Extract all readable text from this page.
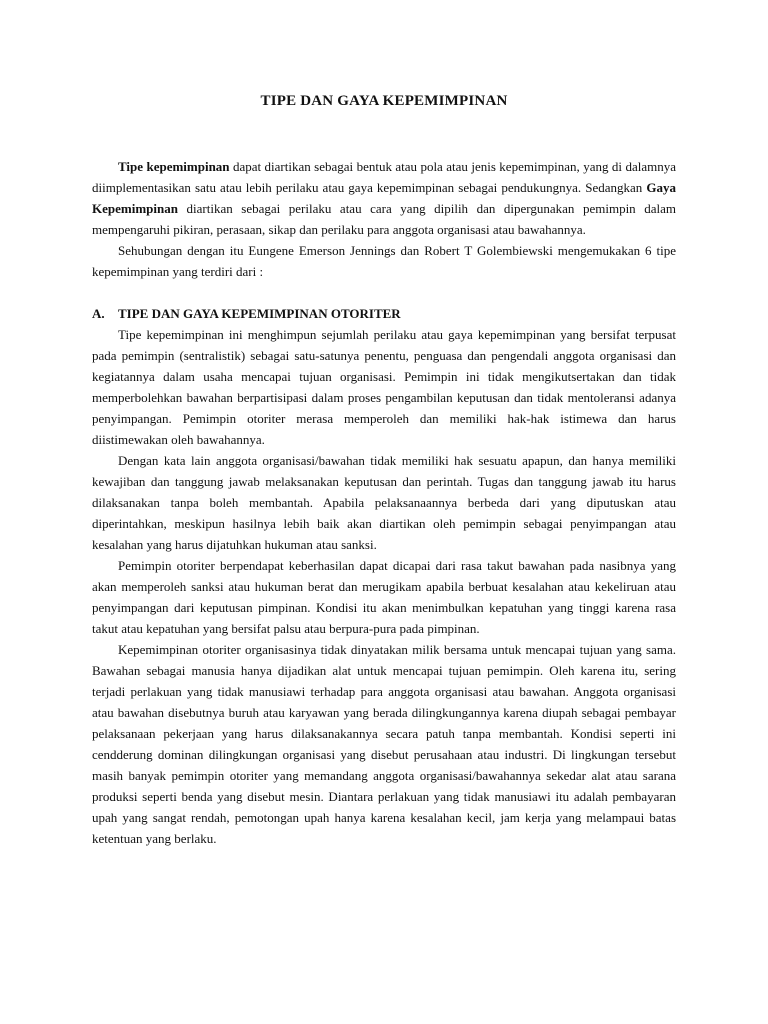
TIPE DAN GAYA KEPEMIMPINAN

Tipe kepemimpinan dapat diartikan sebagai bentuk atau pola atau jenis kepemimpinan, yang di dalamnya diimplementasikan satu atau lebih perilaku atau gaya kepemimpinan sebagai pendukungnya. Sedangkan Gaya Kepemimpinan diartikan sebagai perilaku atau cara yang dipilih dan dipergunakan pemimpin dalam mempengaruhi pikiran, perasaan, sikap dan perilaku para anggota organisasi atau bawahannya.

Sehubungan dengan itu Eungene Emerson Jennings dan Robert T Golembiewski mengemukakan 6 tipe kepemimpinan yang terdiri dari :

A. TIPE DAN GAYA KEPEMIMPINAN OTORITER

Tipe kepemimpinan ini menghimpun sejumlah perilaku atau gaya kepemimpinan yang bersifat terpusat pada pemimpin (sentralistik) sebagai satu-satunya penentu, penguasa dan pengendali anggota organisasi dan kegiatannya dalam usaha mencapai tujuan organisasi. Pemimpin ini tidak mengikutsertakan dan tidak memperbolehkan bawahan berpartisipasi dalam proses pengambilan keputusan dan tidak mentoleransi adanya penyimpangan. Pemimpin otoriter merasa memperoleh dan memiliki hak-hak istimewa dan harus diistimewakan oleh bawahannya.

Dengan kata lain anggota organisasi/bawahan tidak memiliki hak sesuatu apapun, dan hanya memiliki kewajiban dan tanggung jawab melaksanakan keputusan dan perintah. Tugas dan tanggung jawab itu harus dilaksanakan tanpa boleh membantah. Apabila pelaksanaannya berbeda dari yang diputuskan atau diperintahkan, meskipun hasilnya lebih baik akan diartikan oleh pemimpin sebagai penyimpangan atau kesalahan yang harus dijatuhkan hukuman atau sanksi.

Pemimpin otoriter berpendapat keberhasilan dapat dicapai dari rasa takut bawahan pada nasibnya yang akan memperoleh sanksi atau hukuman berat dan merugikam apabila berbuat kesalahan atau kekeliruan atau penyimpangan dari keputusan pimpinan. Kondisi itu akan menimbulkan kepatuhan yang tinggi karena rasa takut atau kepatuhan yang bersifat palsu atau berpura-pura pada pimpinan.

Kepemimpinan otoriter organisasinya tidak dinyatakan milik bersama untuk mencapai tujuan yang sama. Bawahan sebagai manusia hanya dijadikan alat untuk mencapai tujuan pemimpin. Oleh karena itu, sering terjadi perlakuan yang tidak manusiawi terhadap para anggota organisasi atau bawahan. Anggota organisasi atau bawahan disebutnya buruh atau karyawan yang berada dilingkungannya karena diupah sebagai pembayar pelaksanaan pekerjaan yang harus dilaksanakannya secara patuh tanpa membantah. Kondisi seperti ini cendderung dominan dilingkungan organisasi yang disebut perusahaan atau industri. Di lingkungan tersebut masih banyak pemimpin otoriter yang memandang anggota organisasi/bawahannya sekedar alat atau sarana produksi seperti benda yang disebut mesin. Diantara perlakuan yang tidak manusiawi itu adalah pembayaran upah yang sangat rendah, pemotongan upah hanya karena kesalahan kecil, jam kerja yang melampaui batas ketentuan yang berlaku.
